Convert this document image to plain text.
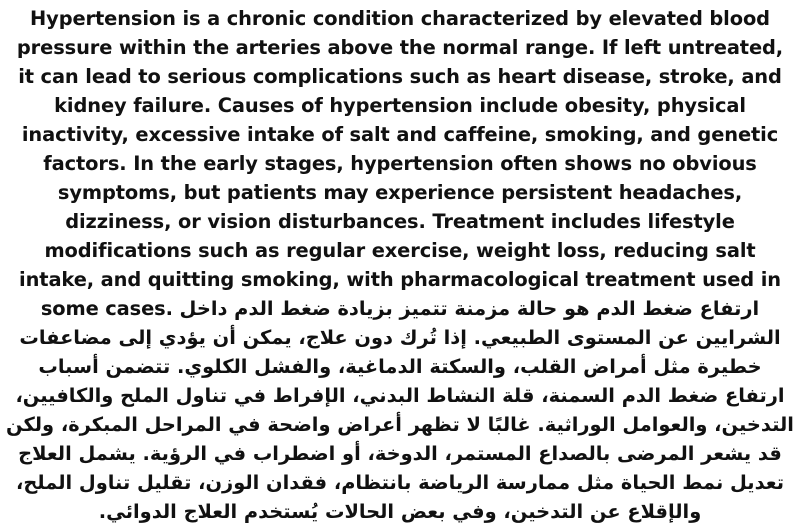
Hypertension is a chronic condition characterized by elevated blood pressure within the arteries above the normal range. If left untreated, it can lead to serious complications such as heart disease, stroke, and kidney failure. Causes of hypertension include obesity, physical inactivity, excessive intake of salt and caffeine, smoking, and genetic factors. In the early stages, hypertension often shows no obvious symptoms, but patients may experience persistent headaches, dizziness, or vision disturbances. Treatment includes lifestyle modifications such as regular exercise, weight loss, reducing salt intake, and quitting smoking, with pharmacological treatment used in some cases. ارتفاع ضغط الدم هو حالة مزمنة تتميز بزيادة ضغط الدم داخل الشرايين عن المستوى الطبيعي. إذا تُرك دون علاج، يمكن أن يؤدي إلى مضاعفات خطيرة مثل أمراض القلب، والسكتة الدماغية، والفشل الكلوي. تتضمن أسباب ارتفاع ضغط الدم السمنة، قلة النشاط البدني، الإفراط في تناول الملح والكافيين، التدخين، والعوامل الوراثية. غالبًا لا تظهر أعراض واضحة في المراحل المبكرة، ولكن قد يشعر المرضى بالصداع المستمر، الدوخة، أو اضطراب في الرؤية. يشمل العلاج تعديل نمط الحياة مثل ممارسة الرياضة بانتظام، فقدان الوزن، تقليل تناول الملح، والإقلاع عن التدخين، وفي بعض الحالات يُستخدم العلاج الدوائي.
